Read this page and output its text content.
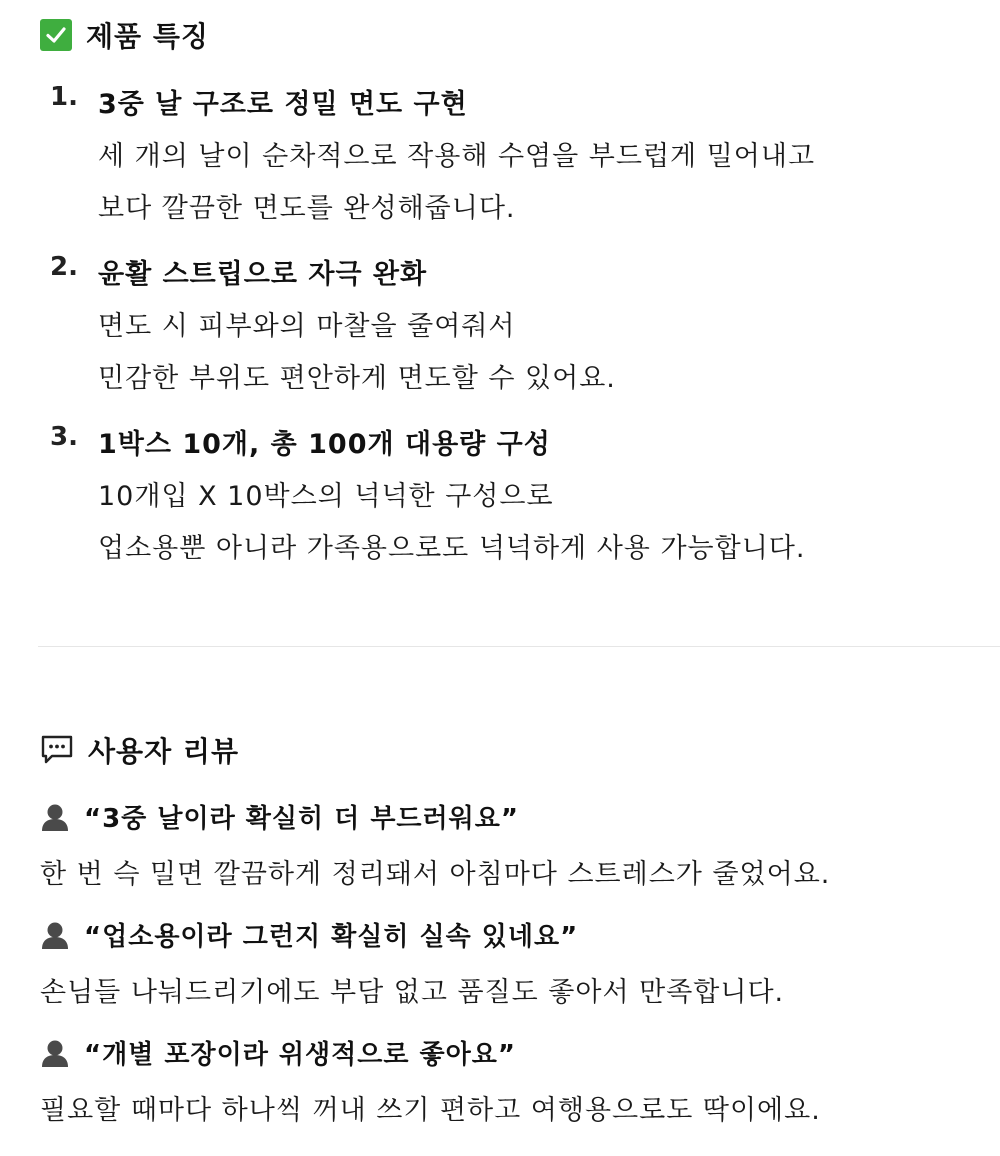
제품 특징
1. 3중 날 구조로 정밀 면도 구현
세 개의 날이 순차적으로 작용해 수염을 부드럽게 밀어내고
보다 깔끔한 면도를 완성해줍니다.
2. 윤활 스트립으로 자극 완화
면도 시 피부와의 마찰을 줄여줘서
민감한 부위도 편안하게 면도할 수 있어요.
3. 1박스 10개, 총 100개 대용량 구성
10개입 X 10박스의 넉넉한 구성으로
업소용뿐 아니라 가족용으로도 넉넉하게 사용 가능합니다.
사용자 리뷰
“3중 날이라 확실히 더 부드러워요”
한 번 슥 밀면 깔끔하게 정리돼서 아침마다 스트레스가 줄었어요.
“업소용이라 그런지 확실히 실속 있네요”
손님들 나눠드리기에도 부담 없고 품질도 좋아서 만족합니다.
“개별 포장이라 위생적으로 좋아요”
필요할 때마다 하나씩 꺼내 쓰기 편하고 여행용으로도 딱이에요.
